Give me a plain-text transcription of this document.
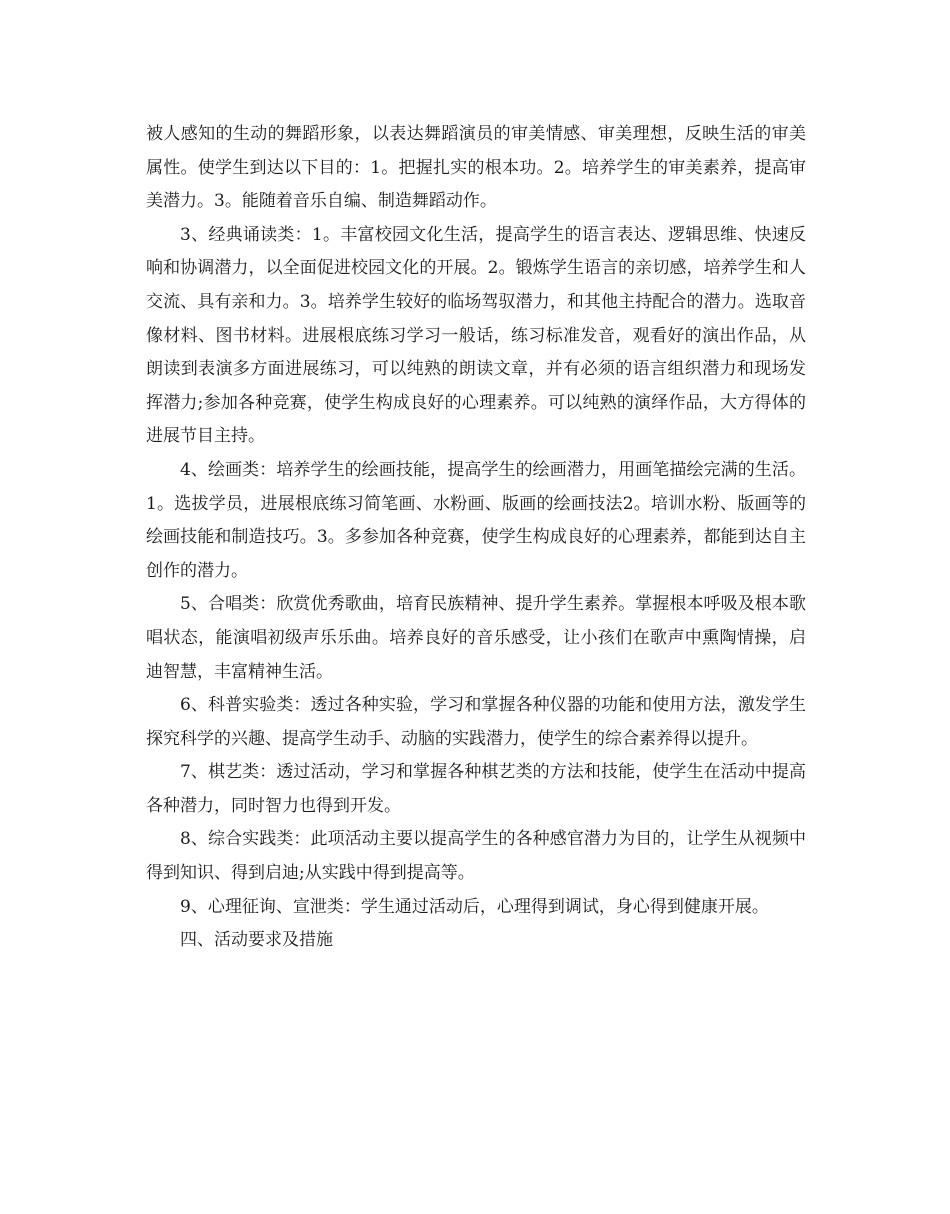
被人感知的生动的舞蹈形象，以表达舞蹈演员的审美情感、审美理想，反映生活的审美属性。使学生到达以下目的：1。把握扎实的根本功。2。培养学生的审美素养，提高审美潜力。3。能随着音乐自编、制造舞蹈动作。

3、经典诵读类：1。丰富校园文化生活，提高学生的语言表达、逻辑思维、快速反响和协调潜力，以全面促进校园文化的开展。2。锻炼学生语言的亲切感，培养学生和人交流、具有亲和力。3。培养学生较好的临场驾驭潜力，和其他主持配合的潜力。选取音像材料、图书材料。进展根底练习学习一般话，练习标准发音，观看好的演出作品，从朗读到表演多方面进展练习，可以纯熟的朗读文章，并有必须的语言组织潜力和现场发挥潜力;参加各种竞赛，使学生构成良好的心理素养。可以纯熟的演绎作品，大方得体的进展节目主持。

4、绘画类：培养学生的绘画技能，提高学生的绘画潜力，用画笔描绘完满的生活。1。选拔学员，进展根底练习简笔画、水粉画、版画的绘画技法2。培训水粉、版画等的绘画技能和制造技巧。3。多参加各种竞赛，使学生构成良好的心理素养，都能到达自主创作的潜力。

5、合唱类：欣赏优秀歌曲，培育民族精神、提升学生素养。掌握根本呼吸及根本歌唱状态，能演唱初级声乐乐曲。培养良好的音乐感受，让小孩们在歌声中熏陶情操，启迪智慧，丰富精神生活。

6、科普实验类：透过各种实验，学习和掌握各种仪器的功能和使用方法，激发学生探究科学的兴趣、提高学生动手、动脑的实践潜力，使学生的综合素养得以提升。

7、棋艺类：透过活动，学习和掌握各种棋艺类的方法和技能，使学生在活动中提高各种潜力，同时智力也得到开发。

8、综合实践类：此项活动主要以提高学生的各种感官潜力为目的，让学生从视频中得到知识、得到启迪;从实践中得到提高等。

9、心理征询、宣泄类：学生通过活动后，心理得到调试，身心得到健康开展。

四、活动要求及措施
